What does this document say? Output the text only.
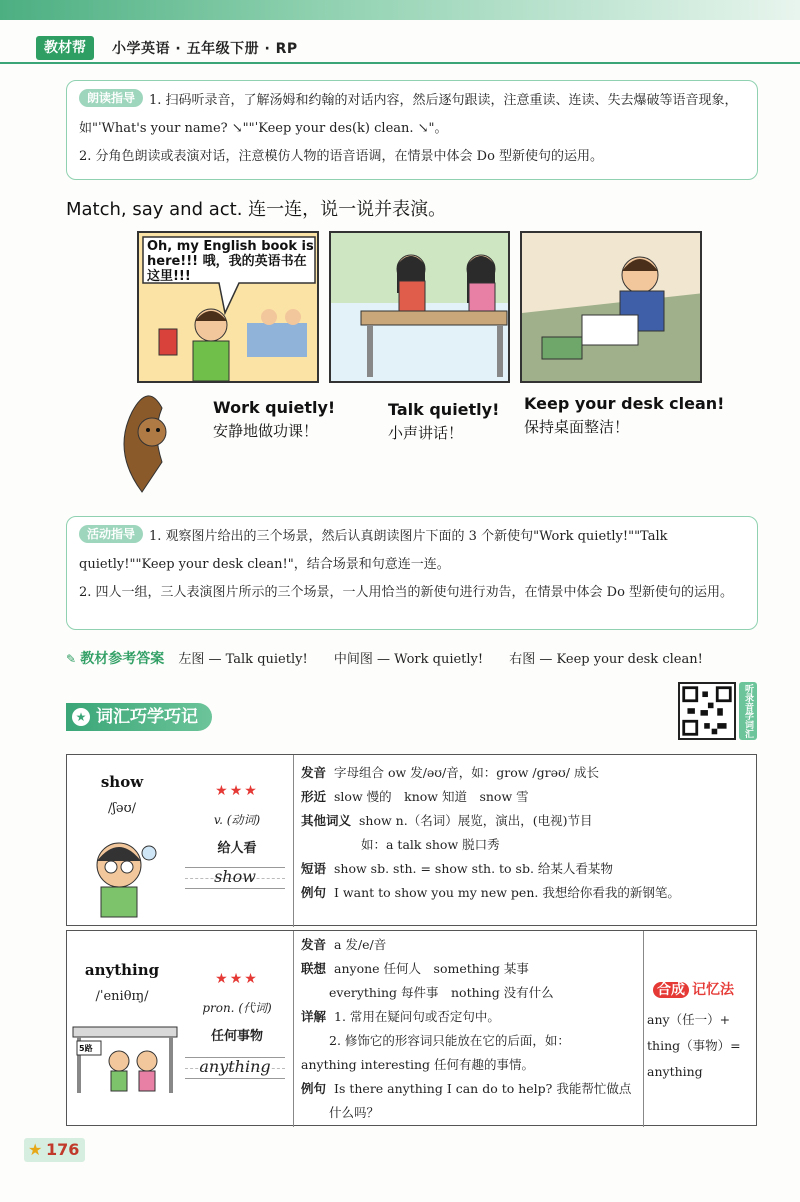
教材帮	小学英语 · 五年级下册 · RP

朗读指导 1. 扫码听录音，了解汤姆和约翰的对话内容，然后逐句跟读，注意重读、连读、失去爆破等语音现象，如"ˈWhat's your name? ↘""ˈKeep your des(k) clean. ↘"。

2. 分角色朗读或表演对话，注意模仿人物的语音语调，在情景中体会 Do 型新使句的运用。

Match, say and act. 连一连，说一说并表演。
Oh, my English book is here!!! 哦，我的英语书在这里!!!
Work quietly!
安静地做功课！
Talk quietly!
小声讲话！
Keep your desk clean!
保持桌面整洁！

活动指导 1. 观察图片给出的三个场景，然后认真朗读图片下面的 3 个新使句"Work quietly!""Talk quietly!""Keep your desk clean!"，结合场景和句意连一连。

2. 四人一组，三人表演图片所示的三个场景，一人用恰当的新使句进行劝告，在情景中体会 Do 型新使句的运用。

✎ 教材参考答案 左图 — Talk quietly! 中间图 — Work quietly! 右图 — Keep your desk clean!
★ 词汇巧学巧记	听录音学词汇
show
/ʃəʊ/
★★★
v. (动词)
给人看
show
发音 字母组合 ow 发/əʊ/音，如：grow /grəʊ/ 成长
形近 slow 慢的　know 知道　snow 雪
其他词义 show n.（名词）展览，演出，(电视)节目
如：a talk show 脱口秀
短语 show sb. sth. = show sth. to sb. 给某人看某物
例句 I want to show you my new pen. 我想给你看我的新钢笔。
anything
/ˈeniθɪŋ/
5路
★★★
pron. (代词)
任何事物
anything
发音 a 发/e/音
联想 anyone 任何人　something 某事
everything 每件事　nothing 没有什么
详解 1. 常用在疑问句或否定句中。
2. 修饰它的形容词只能放在它的后面，如：
anything interesting 任何有趣的事情。
例句 Is there anything I can do to help? 我能帮忙做点
什么吗？
合成 记忆法
any（任一）+
thing（事物）=
anything
★ 176
